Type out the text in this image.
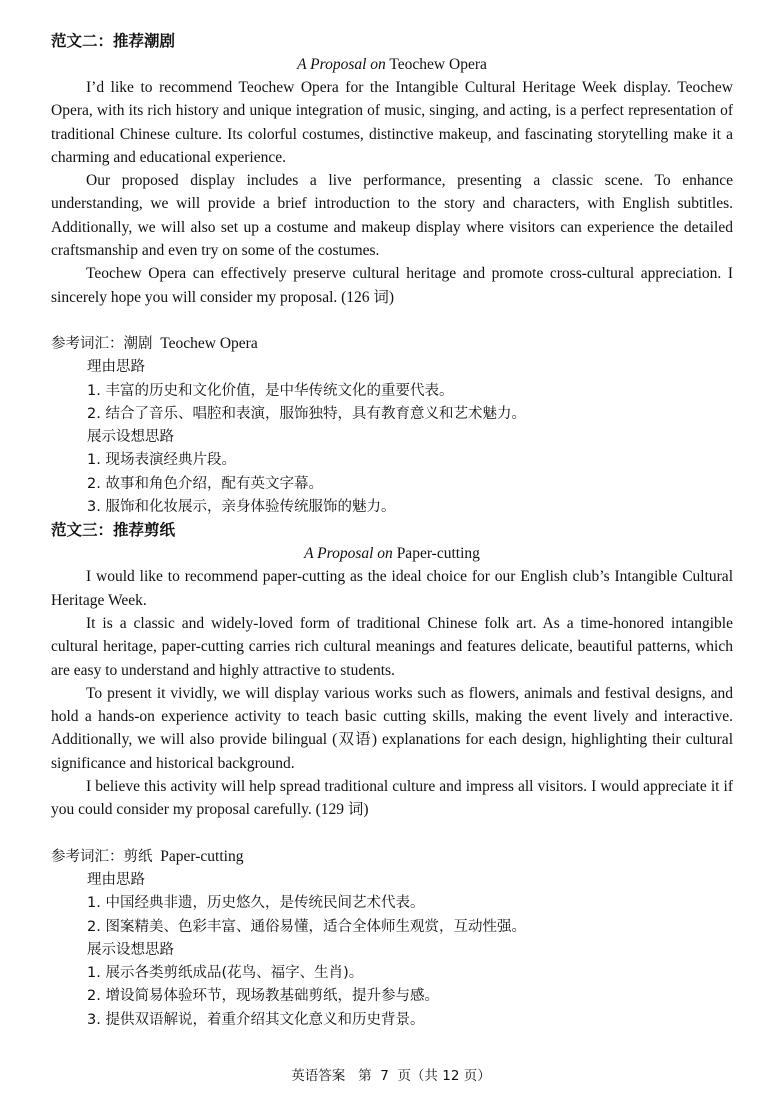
范文二：推荐潮剧
A Proposal on Teochew Opera

I’d like to recommend Teochew Opera for the Intangible Cultural Heritage Week display. Teochew Opera, with its rich history and unique integration of music, singing, and acting, is a perfect representation of traditional Chinese culture. Its colorful costumes, distinctive makeup, and fascinating storytelling make it a charming and educational experience.

Our proposed display includes a live performance, presenting a classic scene. To enhance understanding, we will provide a brief introduction to the story and characters, with English subtitles. Additionally, we will also set up a costume and makeup display where visitors can experience the detailed craftsmanship and even try on some of the costumes.

Teochew Opera can effectively preserve cultural heritage and promote cross-cultural appreciation. I sincerely hope you will consider my proposal. (126 词)

参考词汇：潮剧 Teochew Opera
理由思路
1. 丰富的历史和文化价值，是中华传统文化的重要代表。
2. 结合了音乐、唱腔和表演，服饰独特，具有教育意义和艺术魅力。
展示设想思路
1. 现场表演经典片段。
2. 故事和角色介绍，配有英文字幕。
3. 服饰和化妆展示，亲身体验传统服饰的魅力。
范文三：推荐剪纸
A Proposal on Paper-cutting

I would like to recommend paper-cutting as the ideal choice for our English club’s Intangible Cultural Heritage Week.

It is a classic and widely-loved form of traditional Chinese folk art. As a time-honored intangible cultural heritage, paper-cutting carries rich cultural meanings and features delicate, beautiful patterns, which are easy to understand and highly attractive to students.

To present it vividly, we will display various works such as flowers, animals and festival designs, and hold a hands-on experience activity to teach basic cutting skills, making the event lively and interactive. Additionally, we will also provide bilingual (双语) explanations for each design, highlighting their cultural significance and historical background.

I believe this activity will help spread traditional culture and impress all visitors. I would appreciate it if you could consider my proposal carefully. (129 词)

参考词汇：剪纸 Paper-cutting
理由思路
1. 中国经典非遗，历史悠久，是传统民间艺术代表。
2. 图案精美、色彩丰富、通俗易懂，适合全体师生观赏，互动性强。
展示设想思路
1. 展示各类剪纸成品(花鸟、福字、生肖)。
2. 增设简易体验环节，现场教基础剪纸，提升参与感。
3. 提供双语解说，着重介绍其文化意义和历史背景。
英语答案 第 7 页（共 12 页）
